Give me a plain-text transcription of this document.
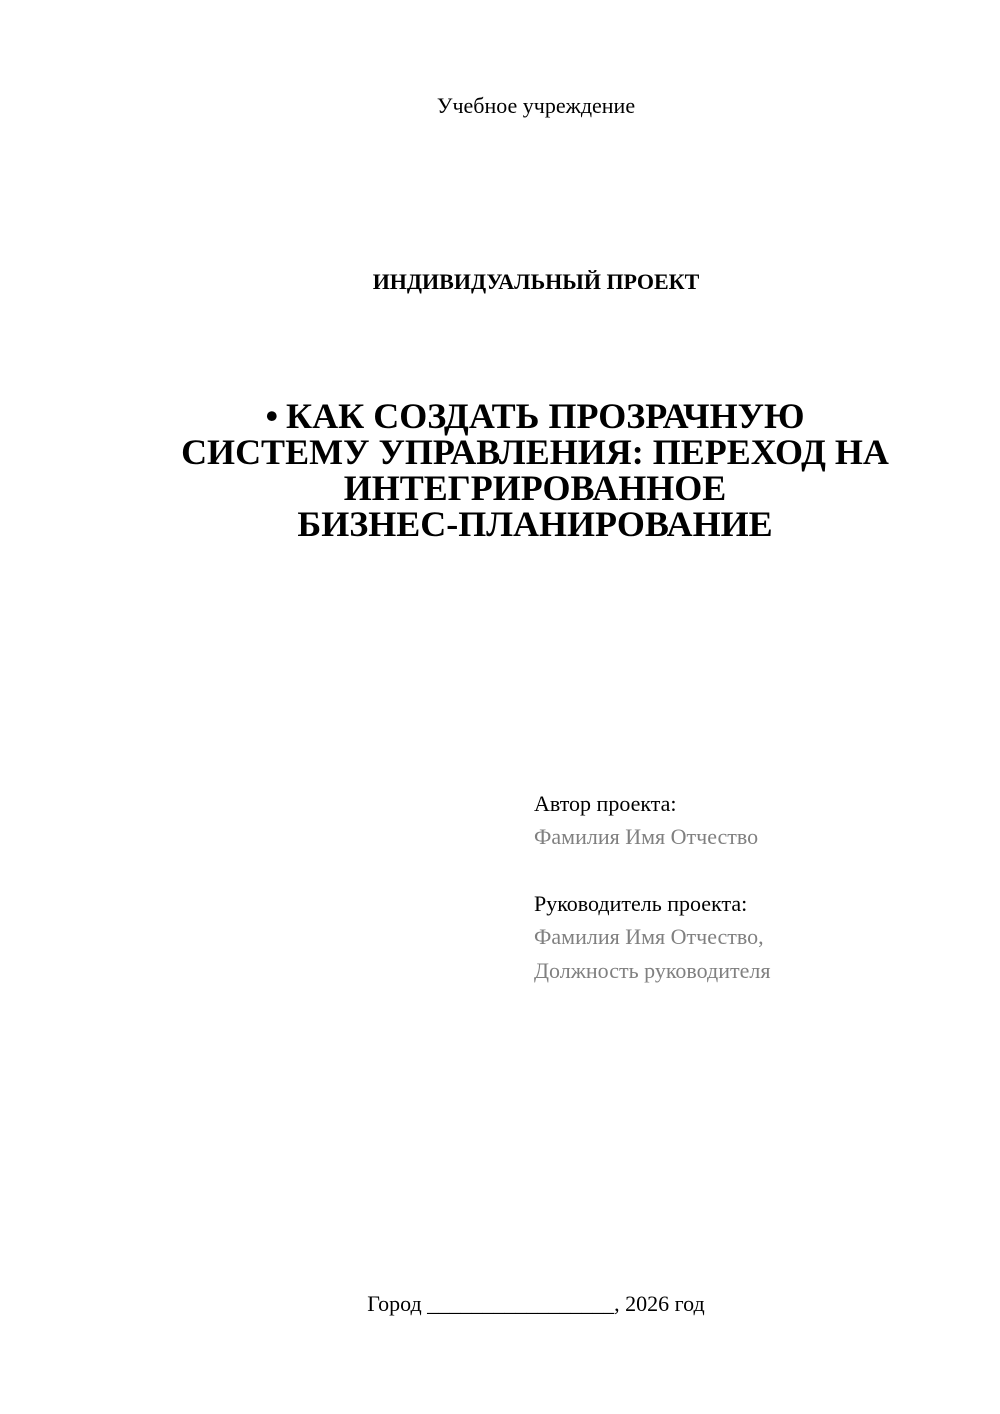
Учебное учреждение
ИНДИВИДУАЛЬНЫЙ ПРОЕКТ
• КАК СОЗДАТЬ ПРОЗРАЧНУЮ
СИСТЕМУ УПРАВЛЕНИЯ: ПЕРЕХОД НА
ИНТЕГРИРОВАННОЕ
БИЗНЕС-ПЛАНИРОВАНИЕ
Автор проекта:
Фамилия Имя Отчество
Руководитель проекта:
Фамилия Имя Отчество,
Должность руководителя
Город _________________, 2026 год
